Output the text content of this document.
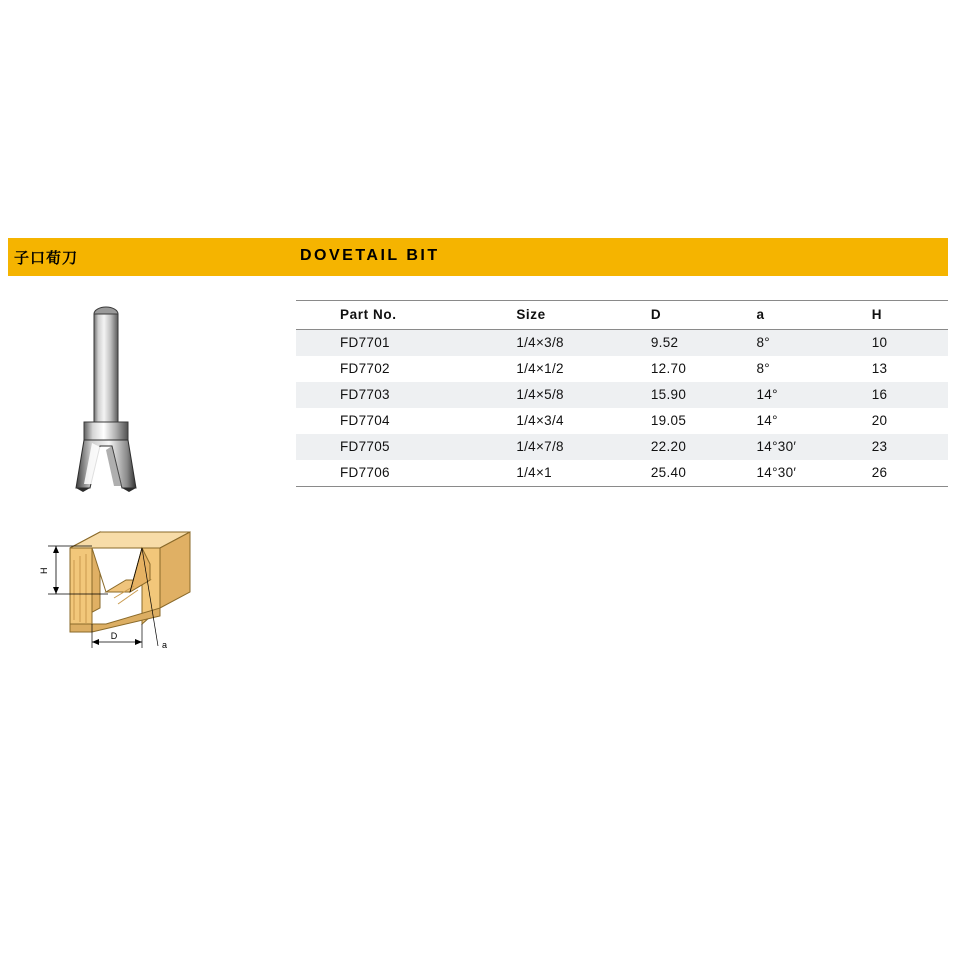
子口荀刀	DOVETAIL BIT
H
D
a
Part No.	Size	D	a	H
FD7701	1/4×3/8	9.52	8°	10
FD7702	1/4×1/2	12.70	8°	13
FD7703	1/4×5/8	15.90	14°	16
FD7704	1/4×3/4	19.05	14°	20
FD7705	1/4×7/8	22.20	14°30′	23
FD7706	1/4×1	25.40	14°30′	26
